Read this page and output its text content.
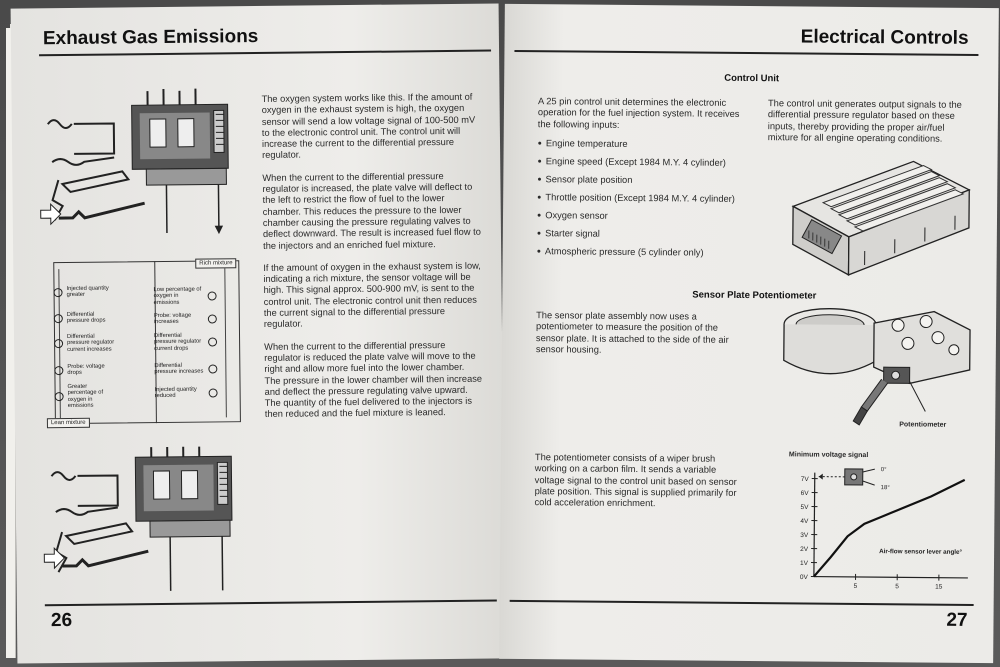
Exhaust Gas Emissions
Rich mixture
Lean mixture
Injected quantity greater
Differential pressure drops
Differential pressure regulator current increases
Probe: voltage drops
Greater percentage of oxygen in emissions
Low percentage of oxygen in emissions
Probe: voltage increases
Differential pressure regulator current drops
Differential pressure increases
Injected quantity reduced

The oxygen system works like this. If the amount of oxygen in the exhaust system is high, the oxygen sensor will send a low voltage signal of 100-500 mV to the electronic control unit. The control unit will increase the current to the differential pressure regulator.

When the current to the differential pressure regulator is increased, the plate valve will deflect to the left to restrict the flow of fuel to the lower chamber. This reduces the pressure to the lower chamber causing the pressure regulating valves to deflect downward. The result is increased fuel flow to the injectors and an enriched fuel mixture.

If the amount of oxygen in the exhaust system is low, indicating a rich mixture, the sensor voltage will be high. This signal approx. 500-900 mV, is sent to the control unit. The electronic control unit then reduces the current signal to the differential pressure regulator.

When the current to the differential pressure regulator is reduced the plate valve will move to the right and allow more fuel into the lower chamber. The pressure in the lower chamber will then increase and deflect the pressure regulating valve upward. The quantity of the fuel delivered to the injectors is then reduced and the fuel mixture is leaned.

26
Electrical Controls
Control Unit
A 25 pin control unit determines the electronic operation for the fuel injection system. It receives the following inputs:
● Engine temperature
● Engine speed (Except 1984 M.Y. 4 cylinder)
● Sensor plate position
● Throttle position (Except 1984 M.Y. 4 cylinder)
● Oxygen sensor
● Starter signal
● Atmospheric pressure (5 cylinder only)
The control unit generates output signals to the differential pressure regulator based on these inputs, thereby providing the proper air/fuel mixture for all engine operating conditions.
Sensor Plate Potentiometer
The sensor plate assembly now uses a potentiometer to measure the position of the sensor plate. It is attached to the side of the air sensor housing.
Potentiometer
The potentiometer consists of a wiper brush working on a carbon film. It sends a variable voltage signal to the control unit based on sensor plate position. This signal is supplied primarily for cold acceleration enrichment.
Minimum voltage signal
0V
1V
2V
3V
4V
5V
6V
7V
5	5	15
Air-flow sensor lever angle°
0°
18°
27
